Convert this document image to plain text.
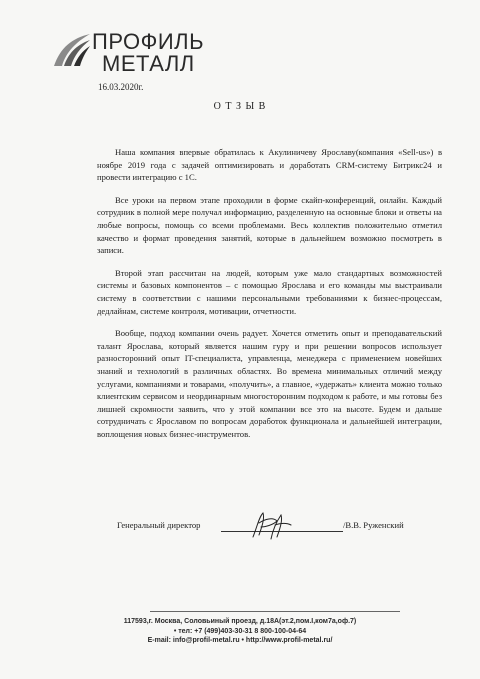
ПРОФИЛЬ
МЕТАЛЛ
16.03.2020г.
О Т З Ы В

Наша компания впервые обратилась к Акулиничеву Ярославу(компания «Sell-us») в ноябре 2019 года с задачей оптимизировать и доработать CRM-систему Битрикс24 и провести интеграцию с 1С.

Все уроки на первом этапе проходили в форме скайп-конференций, онлайн. Каждый сотрудник в полной мере получал информацию, разделенную на основные блоки и ответы на любые вопросы, помощь со всеми проблемами. Весь коллектив положительно отметил качество и формат проведения занятий, которые в дальнейшем возможно посмотреть в записи.

Второй этап рассчитан на людей, которым уже мало стандартных возможностей системы и базовых компонентов – с помощью Ярослава и его команды мы выстраивали систему в соответствии с нашими персональными требованиями к бизнес-процессам, дедлайнам, системе контроля, мотивации, отчетности.

Вообще, подход компании очень радует. Хочется отметить опыт и преподавательский талант Ярослава, который является нашим гуру и при решении вопросов использует разносторонний опыт IT-специалиста, управленца, менеджера с применением новейших знаний и технологий в различных областях. Во времена минимальных отличий между услугами, компаниями и товарами, «получить», а главное, «удержать» клиента можно только клиентским сервисом и неординарным многосторонним подходом к работе, и мы готовы без лишней скромности заявить, что у этой компании все это на высоте. Будем и дальше сотрудничать с Ярославом по вопросам доработок функционала и дальнейшей интеграции, воплощения новых бизнес-инструментов.

Генеральный директор	/В.В. Руженский
117593,г. Москва, Соловьиный проезд, д.18А(эт.2,пом.I,ком7а,оф.7)
• тел: +7 (499)403-30-31 8 800-100-04-64
E-mail: info@profil-metal.ru • http://www.profil-metal.ru/
